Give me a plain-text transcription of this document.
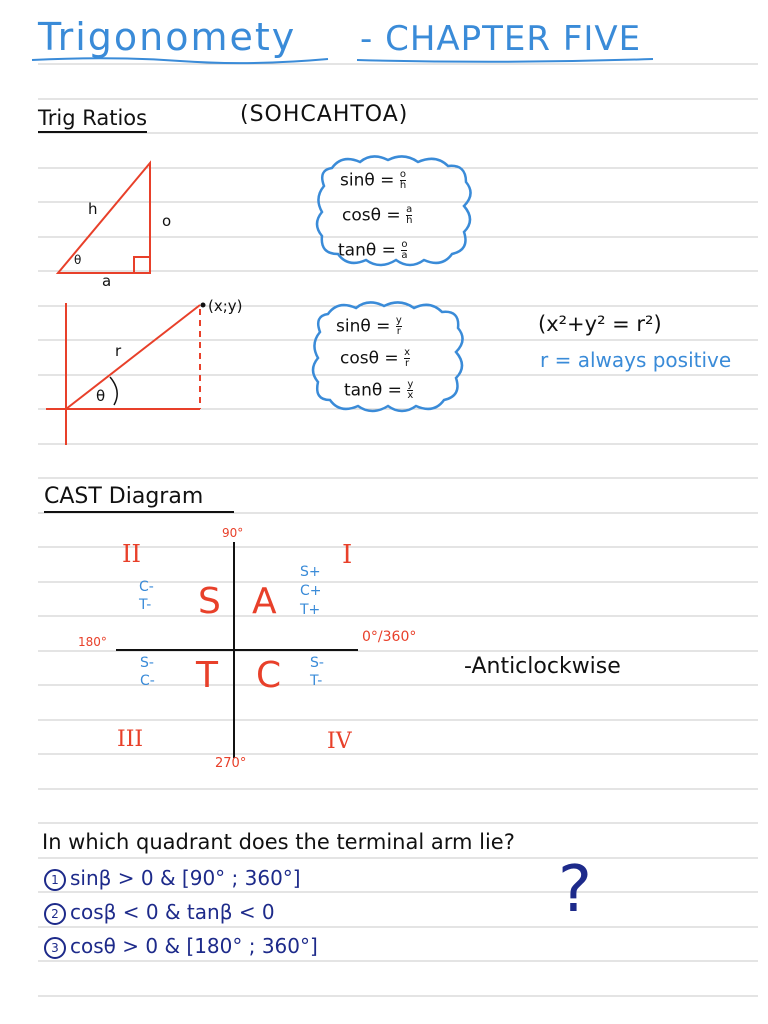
Trigonomety - CHAPTER FIVE
Trig Ratios	(SOHCAHTOA)
h
o
a
θ
$\sin\theta = \frac{o}{h}$
$\cos\theta = \frac{a}{h}$
$\tan\theta = \frac{o}{a}$
(x;y)
r
θ
$\sin\theta = \frac{y}{r}$
$\cos\theta = \frac{x}{r}$
$\tan\theta = \frac{y}{x}$
(x²+y² = r²)
r = always positive
CAST Diagram
90°
180°	0°/360°
270°
II	I
III	IV
S A
T C
S+
C+
T+
C-
T-
S-
C-
S-
T-
-Anticlockwise
In which quadrant does the terminal arm lie?
1 sinβ > 0 & [90° ; 360°]
2 cosβ < 0 & tanβ < 0
3 cosθ > 0 & [180° ; 360°]
?
